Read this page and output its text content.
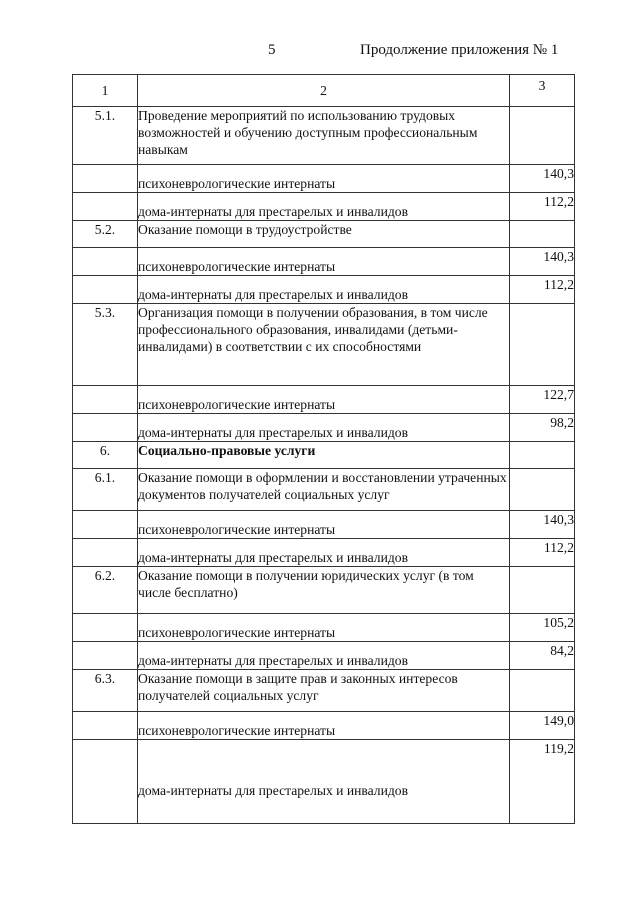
5	Продолжение приложения № 1
1	2	3
5.1.	Проведение мероприятий по использованию трудовых возможностей и обучению доступным профессиональным навыкам	
	психоневрологические интернаты	140,3
	дома-интернаты для престарелых и инвалидов	112,2
5.2.	Оказание помощи в трудоустройстве	
	психоневрологические интернаты	140,3
	дома-интернаты для престарелых и инвалидов	112,2
5.3.	Организация помощи в получении образования, в том числе профессионального образования, инвалидами (детьми-инвалидами) в соответствии с их способностями	
	психоневрологические интернаты	122,7
	дома-интернаты для престарелых и инвалидов	98,2
6.	Социально-правовые услуги	
6.1.	Оказание помощи в оформлении и восстановлении утраченных документов получателей социальных услуг	
	психоневрологические интернаты	140,3
	дома-интернаты для престарелых и инвалидов	112,2
6.2.	Оказание помощи в получении юридических услуг (в том числе бесплатно)	
	психоневрологические интернаты	105,2
	дома-интернаты для престарелых и инвалидов	84,2
6.3.	Оказание помощи в защите прав и законных интересов получателей социальных услуг	
	психоневрологические интернаты	149,0
	дома-интернаты для престарелых и инвалидов	119,2
